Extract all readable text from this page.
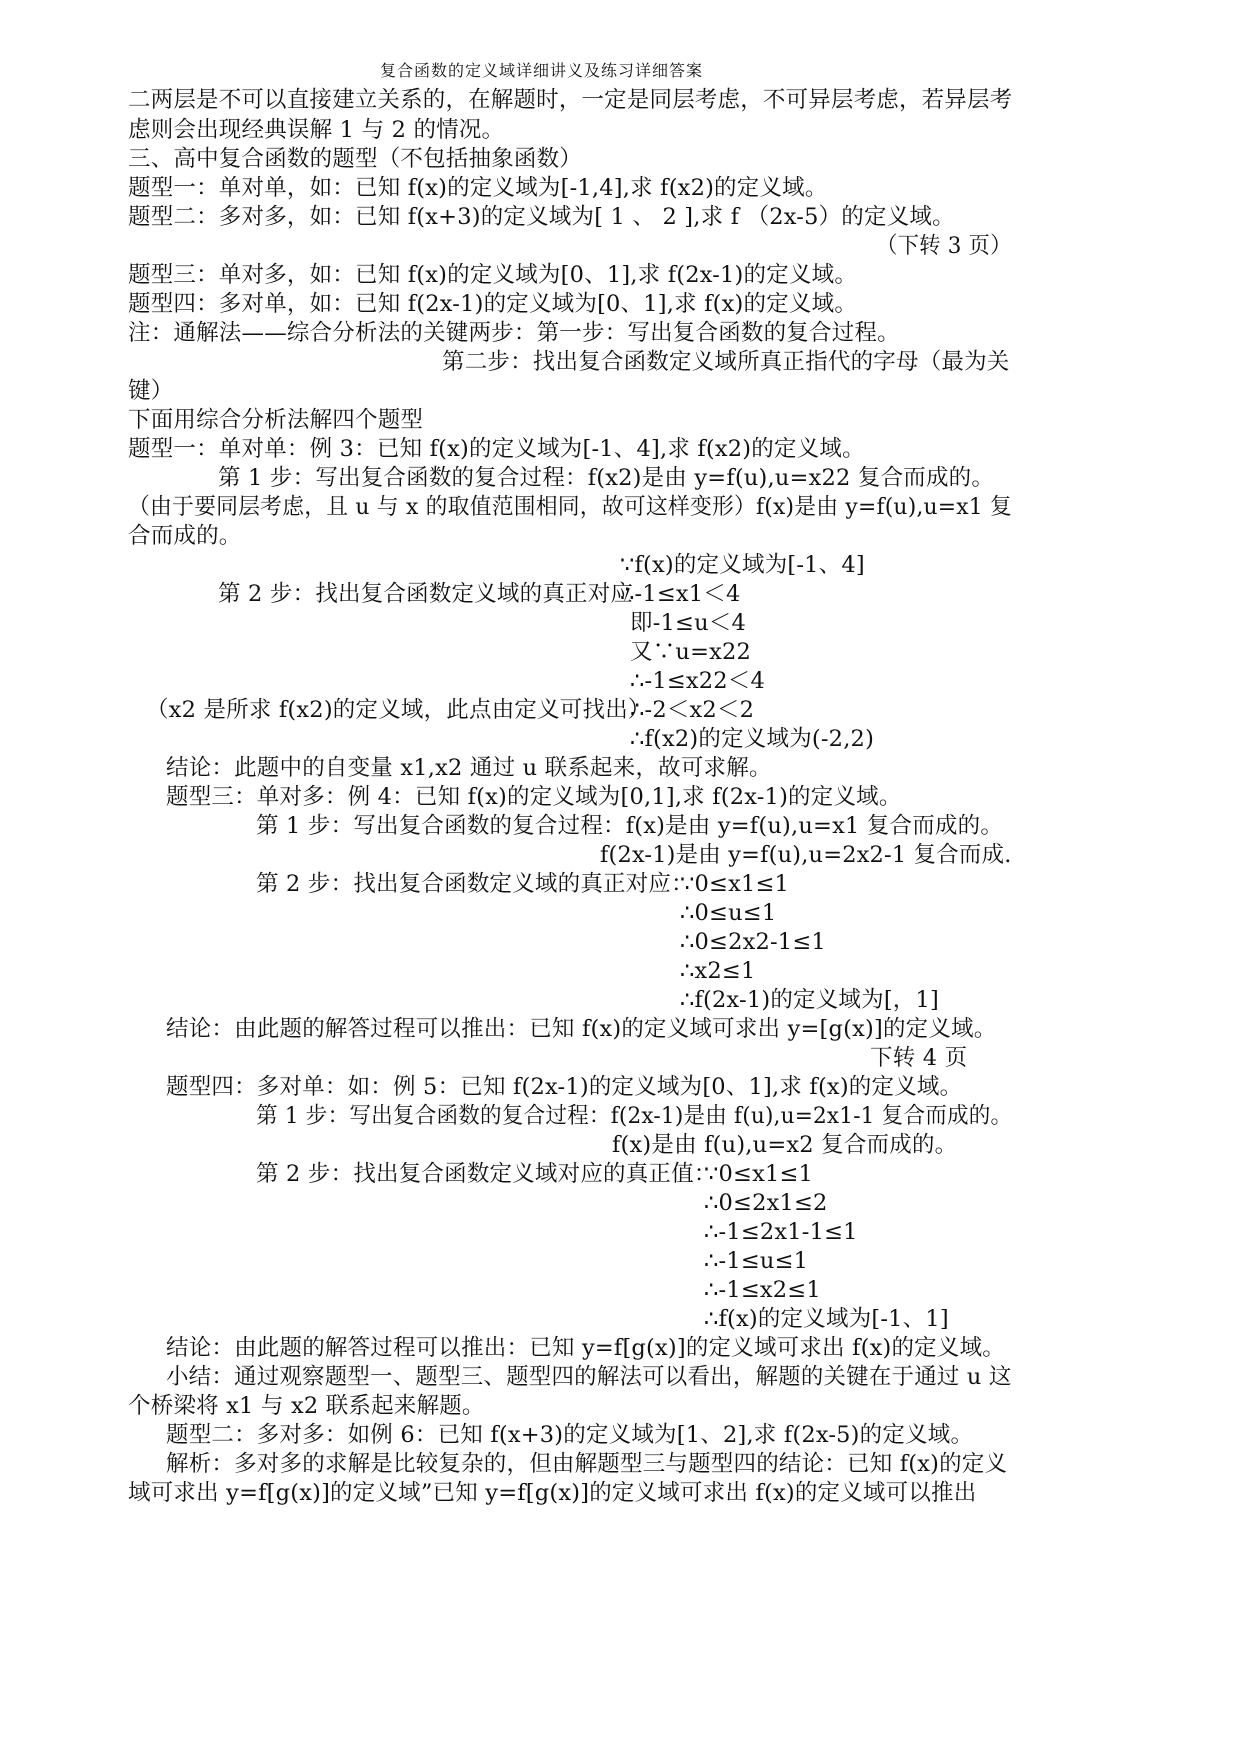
复合函数的定义域详细讲义及练习详细答案
二两层是不可以直接建立关系的，在解题时，一定是同层考虑，不可异层考虑，若异层考
虑则会出现经典误解 1 与 2 的情况。
三、高中复合函数的题型（不包括抽象函数）
题型一：单对单，如：已知 f(x)的定义域为[-1,4],求 f(x2)的定义域。
题型二：多对多，如：已知 f(x+3)的定义域为[ 1 、 2 ],求 f （2x-5）的定义域。
（下转 3 页）
题型三：单对多，如：已知 f(x)的定义域为[0、1],求 f(2x-1)的定义域。
题型四：多对单，如：已知 f(2x-1)的定义域为[0、1],求 f(x)的定义域。
注：通解法——综合分析法的关键两步：第一步：写出复合函数的复合过程。
第二步：找出复合函数定义域所真正指代的字母（最为关
键）
下面用综合分析法解四个题型
题型一：单对单：例 3：已知 f(x)的定义域为[-1、4],求 f(x2)的定义域。
第 1 步：写出复合函数的复合过程：f(x2)是由 y=f(u),u=x22 复合而成的。
（由于要同层考虑，且 u 与 x 的取值范围相同，故可这样变形）f(x)是由 y=f(u),u=x1 复
合而成的。
∵f(x)的定义域为[-1、4]
第 2 步：找出复合函数定义域的真正对应
∴-1≤x1＜4
即-1≤u＜4
又∵u=x22
∴-1≤x22＜4
（x2 是所求 f(x2)的定义域，此点由定义可找出）
∴-2＜x2＜2
∴f(x2)的定义域为(-2,2)
结论：此题中的自变量 x1,x2 通过 u 联系起来，故可求解。
题型三：单对多：例 4：已知 f(x)的定义域为[0,1],求 f(2x-1)的定义域。
第 1 步：写出复合函数的复合过程：f(x)是由 y=f(u),u=x1 复合而成的。
f(2x-1)是由 y=f(u),u=2x2-1 复合而成.
第 2 步：找出复合函数定义域的真正对应：
∵0≤x1≤1
∴0≤u≤1
∴0≤2x2-1≤1
∴x2≤1
∴f(2x-1)的定义域为[，1]
结论：由此题的解答过程可以推出：已知 f(x)的定义域可求出 y=[g(x)]的定义域。
下转 4 页
题型四：多对单：如：例 5：已知 f(2x-1)的定义域为[0、1],求 f(x)的定义域。
第 1 步：写出复合函数的复合过程：f(2x-1)是由 f(u),u=2x1-1 复合而成的。
f(x)是由 f(u),u=x2 复合而成的。
第 2 步：找出复合函数定义域对应的真正值：
∵0≤x1≤1
∴0≤2x1≤2
∴-1≤2x1-1≤1
∴-1≤u≤1
∴-1≤x2≤1
∴f(x)的定义域为[-1、1]
结论：由此题的解答过程可以推出：已知 y=f[g(x)]的定义域可求出 f(x)的定义域。
小结：通过观察题型一、题型三、题型四的解法可以看出，解题的关键在于通过 u 这
个桥梁将 x1 与 x2 联系起来解题。
题型二：多对多：如例 6：已知 f(x+3)的定义域为[1、2],求 f(2x-5)的定义域。
解析：多对多的求解是比较复杂的，但由解题型三与题型四的结论：已知 f(x)的定义
域可求出 y=f[g(x)]的定义域”已知 y=f[g(x)]的定义域可求出 f(x)的定义域可以推出
